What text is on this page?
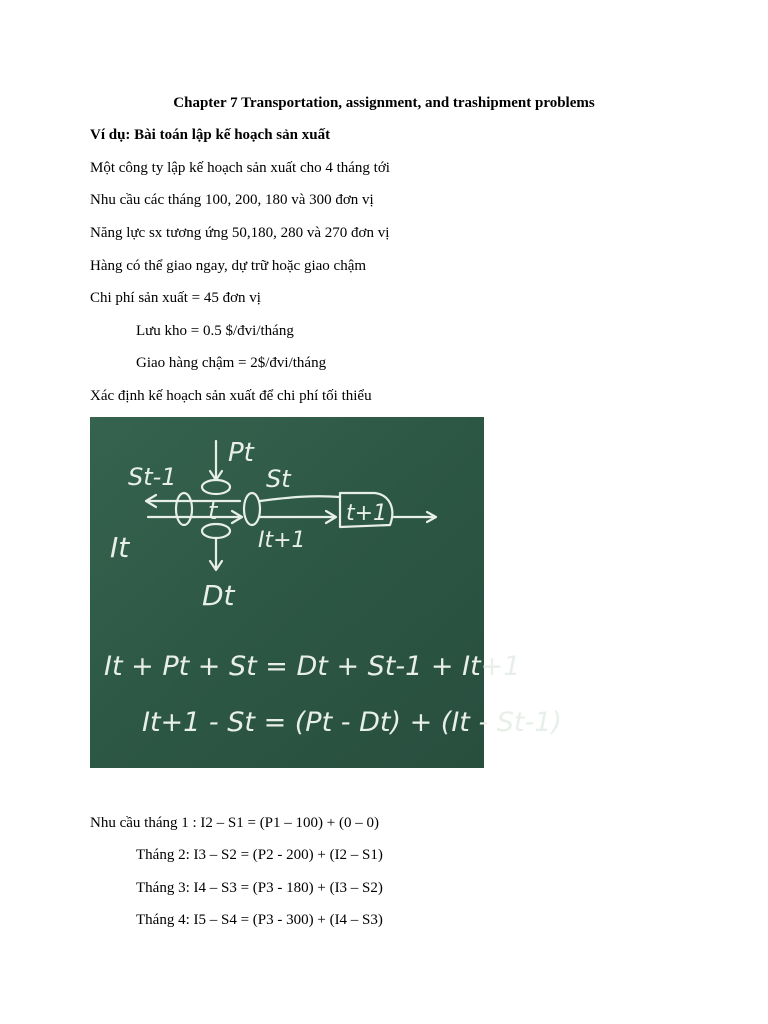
Chapter 7 Transportation, assignment, and trashipment problems
Ví dụ: Bài toán lập kế hoạch sản xuất
Một công ty lập kế hoạch sản xuất cho 4 tháng tới
Nhu cầu các tháng 100, 200, 180 và 300 đơn vị
Năng lực sx tương ứng 50,180, 280 và 270 đơn vị
Hàng có thể giao ngay, dự trữ hoặc giao chậm
Chi phí sản xuất = 45 đơn vị
Lưu kho = 0.5 $/đvi/tháng
Giao hàng chậm = 2$/đvi/tháng
Xác định kế hoạch sản xuất để chi phí tối thiểu
St-1
Pt
St
t	t+1
It	It+1
Dt
It + Pt + St = Dt + St-1 + It+1
It+1 - St = (Pt - Dt) + (It - St-1)
Nhu cầu tháng 1 : I2 – S1 = (P1 – 100) + (0 – 0)
Tháng 2: I3 – S2 = (P2 - 200) + (I2 – S1)
Tháng 3: I4 – S3 = (P3 - 180) + (I3 – S2)
Tháng 4: I5 – S4 = (P3 - 300) + (I4 – S3)
